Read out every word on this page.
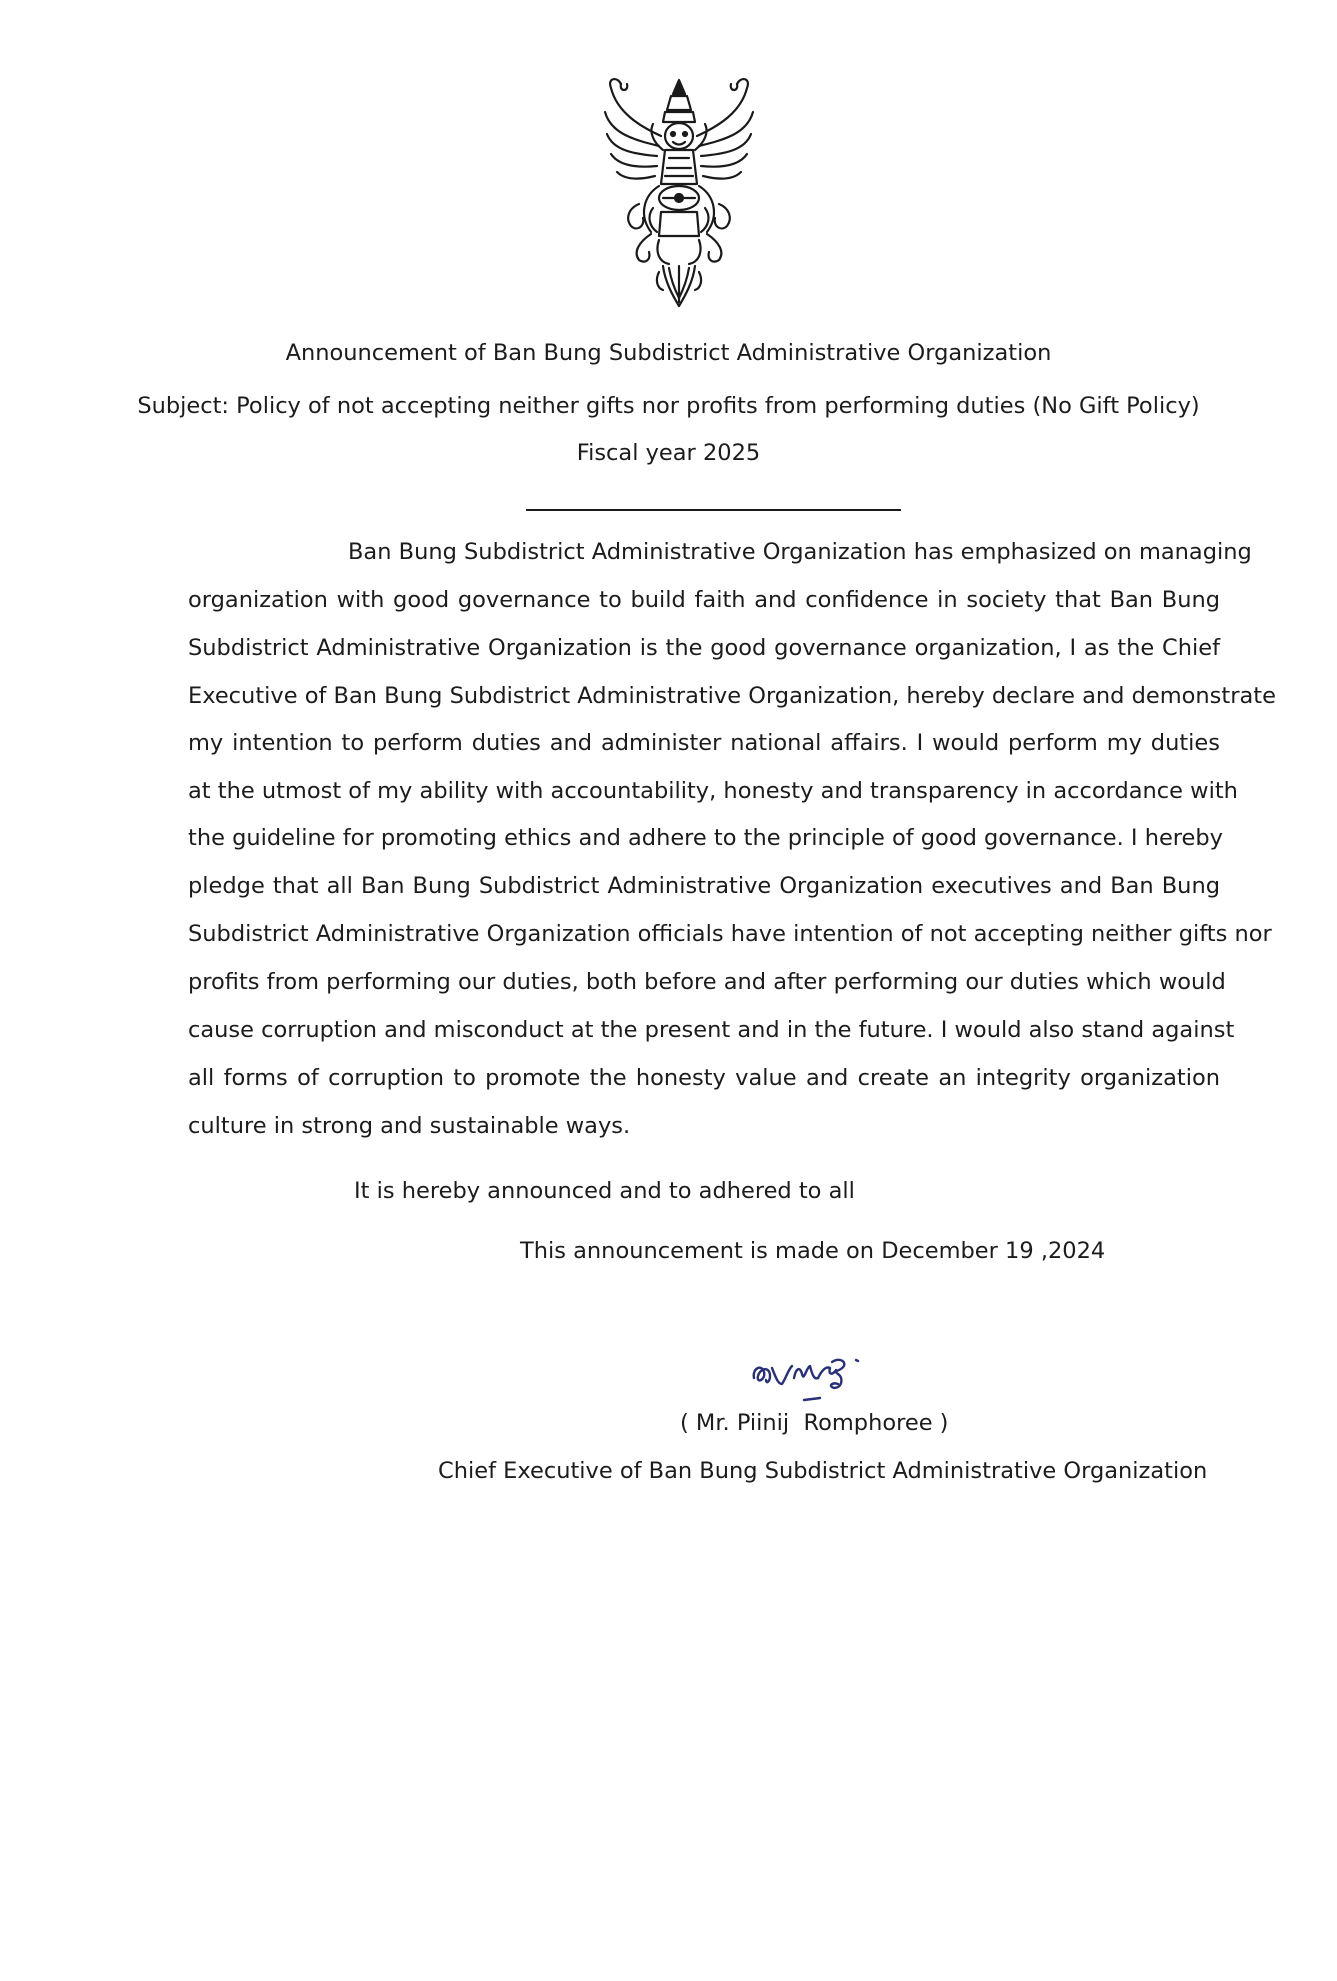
Announcement of Ban Bung Subdistrict Administrative Organization
Subject: Policy of not accepting neither gifts nor profits from performing duties (No Gift Policy)
Fiscal year 2025
Ban Bung Subdistrict Administrative Organization has emphasized on managing
organization with good governance to build faith and confidence in society that Ban Bung
Subdistrict Administrative Organization is the good governance organization, I as the Chief
Executive of Ban Bung Subdistrict Administrative Organization, hereby declare and demonstrate
my intention to perform duties and administer national affairs. I would perform my duties
at the utmost of my ability with accountability, honesty and transparency in accordance with
the guideline for promoting ethics and adhere to the principle of good governance. I hereby
pledge that all Ban Bung Subdistrict Administrative Organization executives and Ban Bung
Subdistrict Administrative Organization officials have intention of not accepting neither gifts nor
profits from performing our duties, both before and after performing our duties which would
cause corruption and misconduct at the present and in the future. I would also stand against
all forms of corruption to promote the honesty value and create an integrity organization
culture in strong and sustainable ways.
It is hereby announced and to adhered to all
This announcement is made on December 19 ,2024
( Mr. Piinij  Romphoree )
Chief Executive of Ban Bung Subdistrict Administrative Organization
